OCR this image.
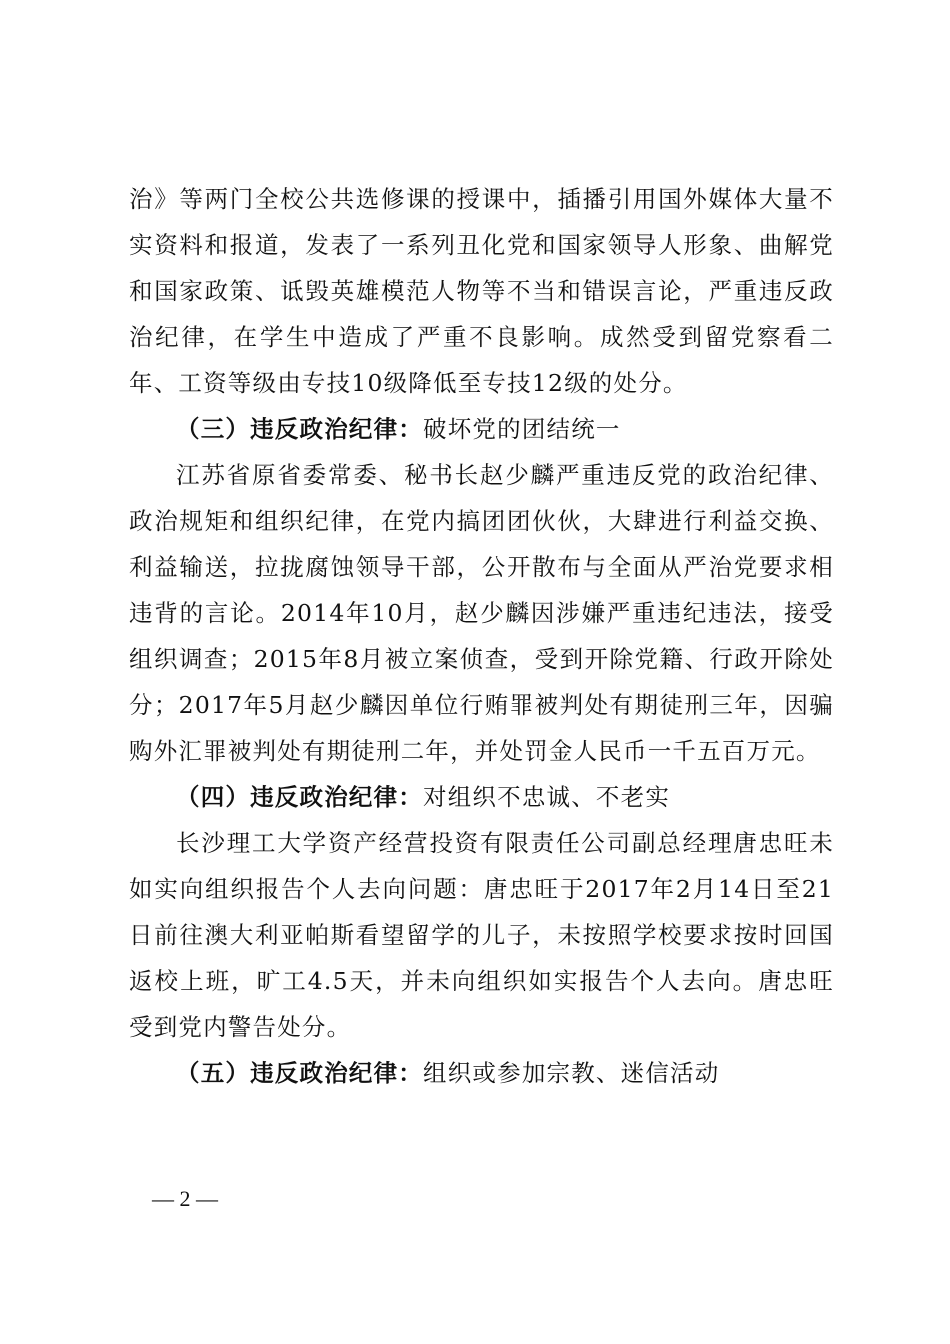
治》等两门全校公共选修课的授课中，插播引用国外媒体大量不实资料和报道，发表了一系列丑化党和国家领导人形象、曲解党和国家政策、诋毁英雄模范人物等不当和错误言论，严重违反政治纪律，在学生中造成了严重不良影响。成然受到留党察看二年、工资等级由专技10级降低至专技12级的处分。

（三）违反政治纪律：破坏党的团结统一

江苏省原省委常委、秘书长赵少麟严重违反党的政治纪律、政治规矩和组织纪律，在党内搞团团伙伙，大肆进行利益交换、利益输送，拉拢腐蚀领导干部，公开散布与全面从严治党要求相违背的言论。2014年10月，赵少麟因涉嫌严重违纪违法，接受组织调查；2015年8月被立案侦查，受到开除党籍、行政开除处分；2017年5月赵少麟因单位行贿罪被判处有期徒刑三年，因骗购外汇罪被判处有期徒刑二年，并处罚金人民币一千五百万元。

（四）违反政治纪律：对组织不忠诚、不老实

长沙理工大学资产经营投资有限责任公司副总经理唐忠旺未如实向组织报告个人去向问题：唐忠旺于2017年2月14日至21日前往澳大利亚帕斯看望留学的儿子，未按照学校要求按时回国返校上班，旷工4.5天，并未向组织如实报告个人去向。唐忠旺受到党内警告处分。

（五）违反政治纪律：组织或参加宗教、迷信活动

— 2 —
